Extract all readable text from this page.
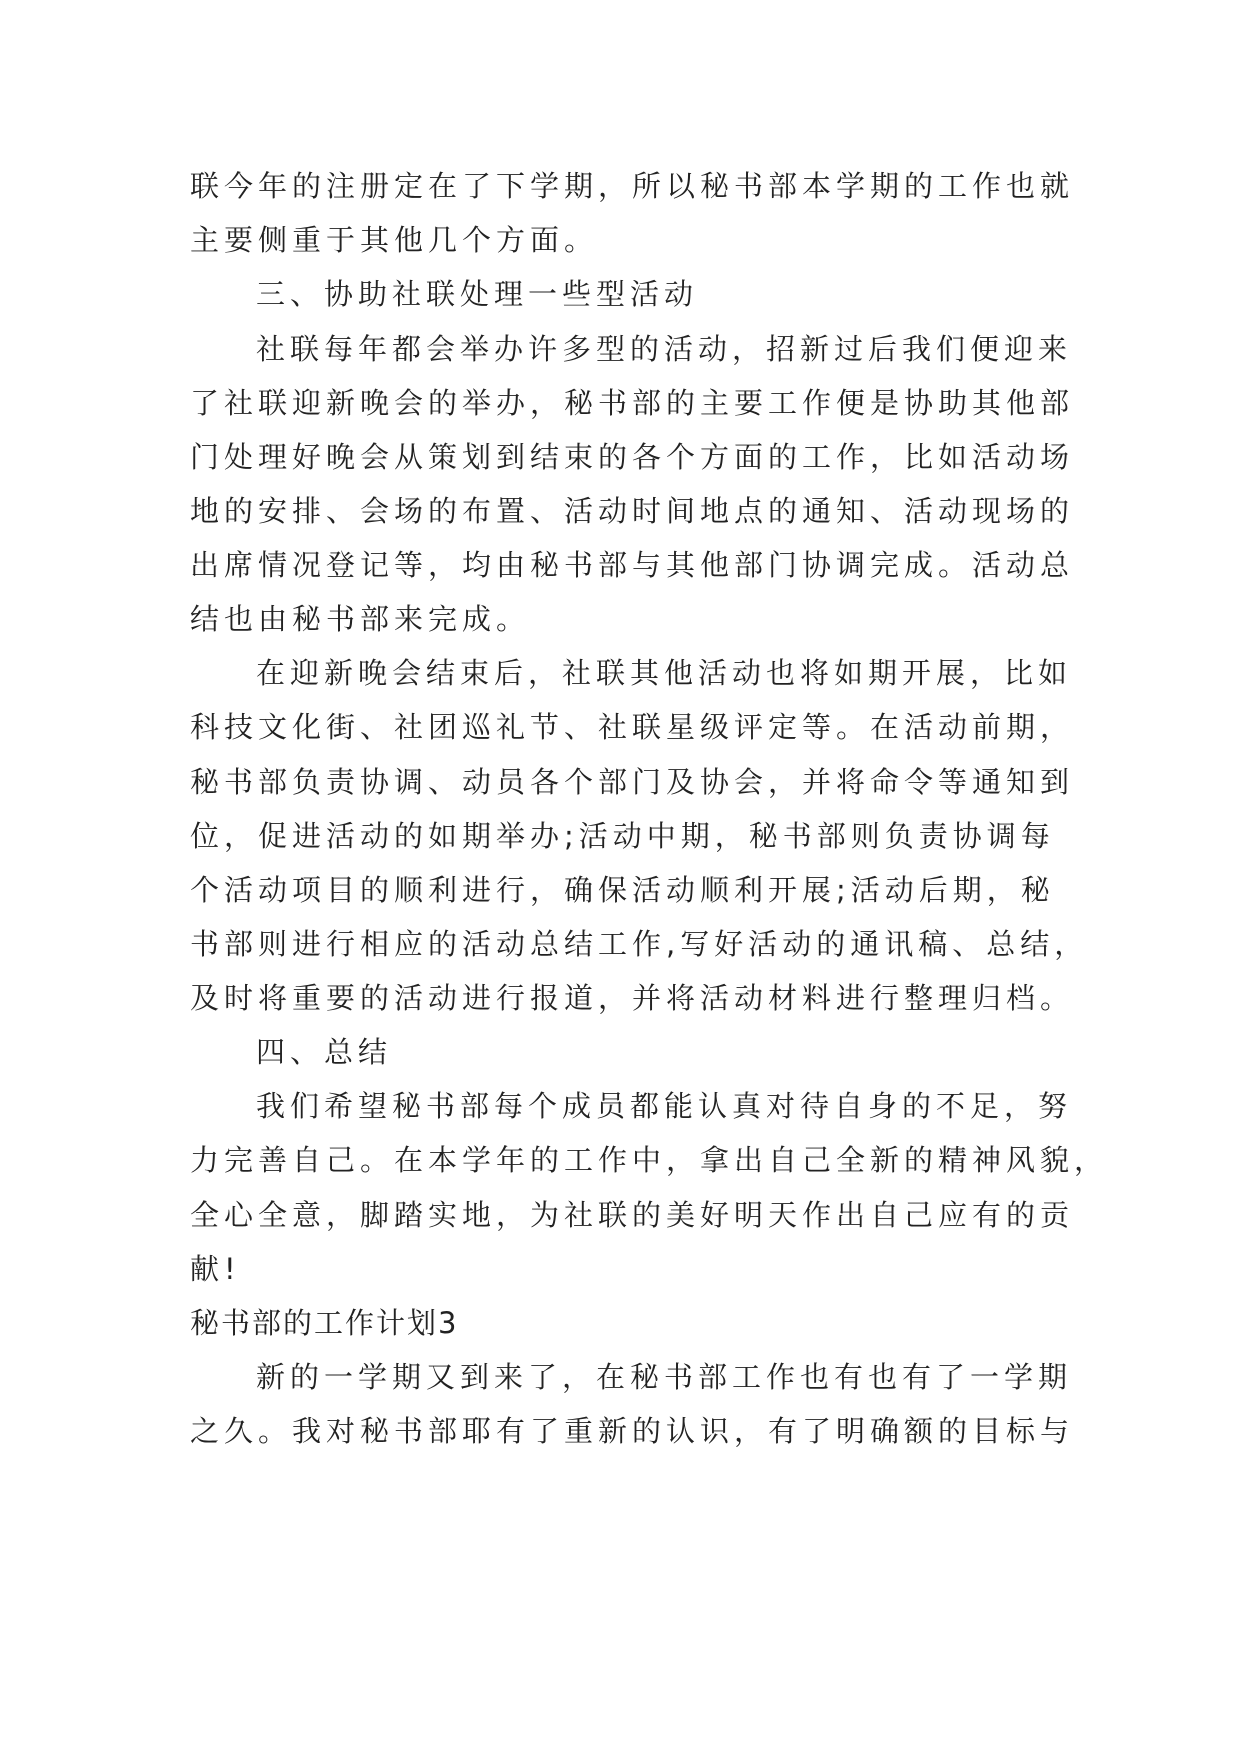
联今年的注册定在了下学期，所以秘书部本学期的工作也就
主要侧重于其他几个方面。
三、协助社联处理一些型活动
社联每年都会举办许多型的活动，招新过后我们便迎来
了社联迎新晚会的举办，秘书部的主要工作便是协助其他部
门处理好晚会从策划到结束的各个方面的工作，比如活动场
地的安排、会场的布置、活动时间地点的通知、活动现场的
出席情况登记等，均由秘书部与其他部门协调完成。活动总
结也由秘书部来完成。
在迎新晚会结束后，社联其他活动也将如期开展，比如
科技文化街、社团巡礼节、社联星级评定等。在活动前期，
秘书部负责协调、动员各个部门及协会，并将命令等通知到
位，促进活动的如期举办;活动中期，秘书部则负责协调每
个活动项目的顺利进行，确保活动顺利开展;活动后期，秘
书部则进行相应的活动总结工作,写好活动的通讯稿、总结，
及时将重要的活动进行报道，并将活动材料进行整理归档。
四、总结
我们希望秘书部每个成员都能认真对待自身的不足，努
力完善自己。在本学年的工作中，拿出自己全新的精神风貌，
全心全意，脚踏实地，为社联的美好明天作出自己应有的贡
献!
秘书部的工作计划3
新的一学期又到来了，在秘书部工作也有也有了一学期
之久。我对秘书部耶有了重新的认识，有了明确额的目标与
